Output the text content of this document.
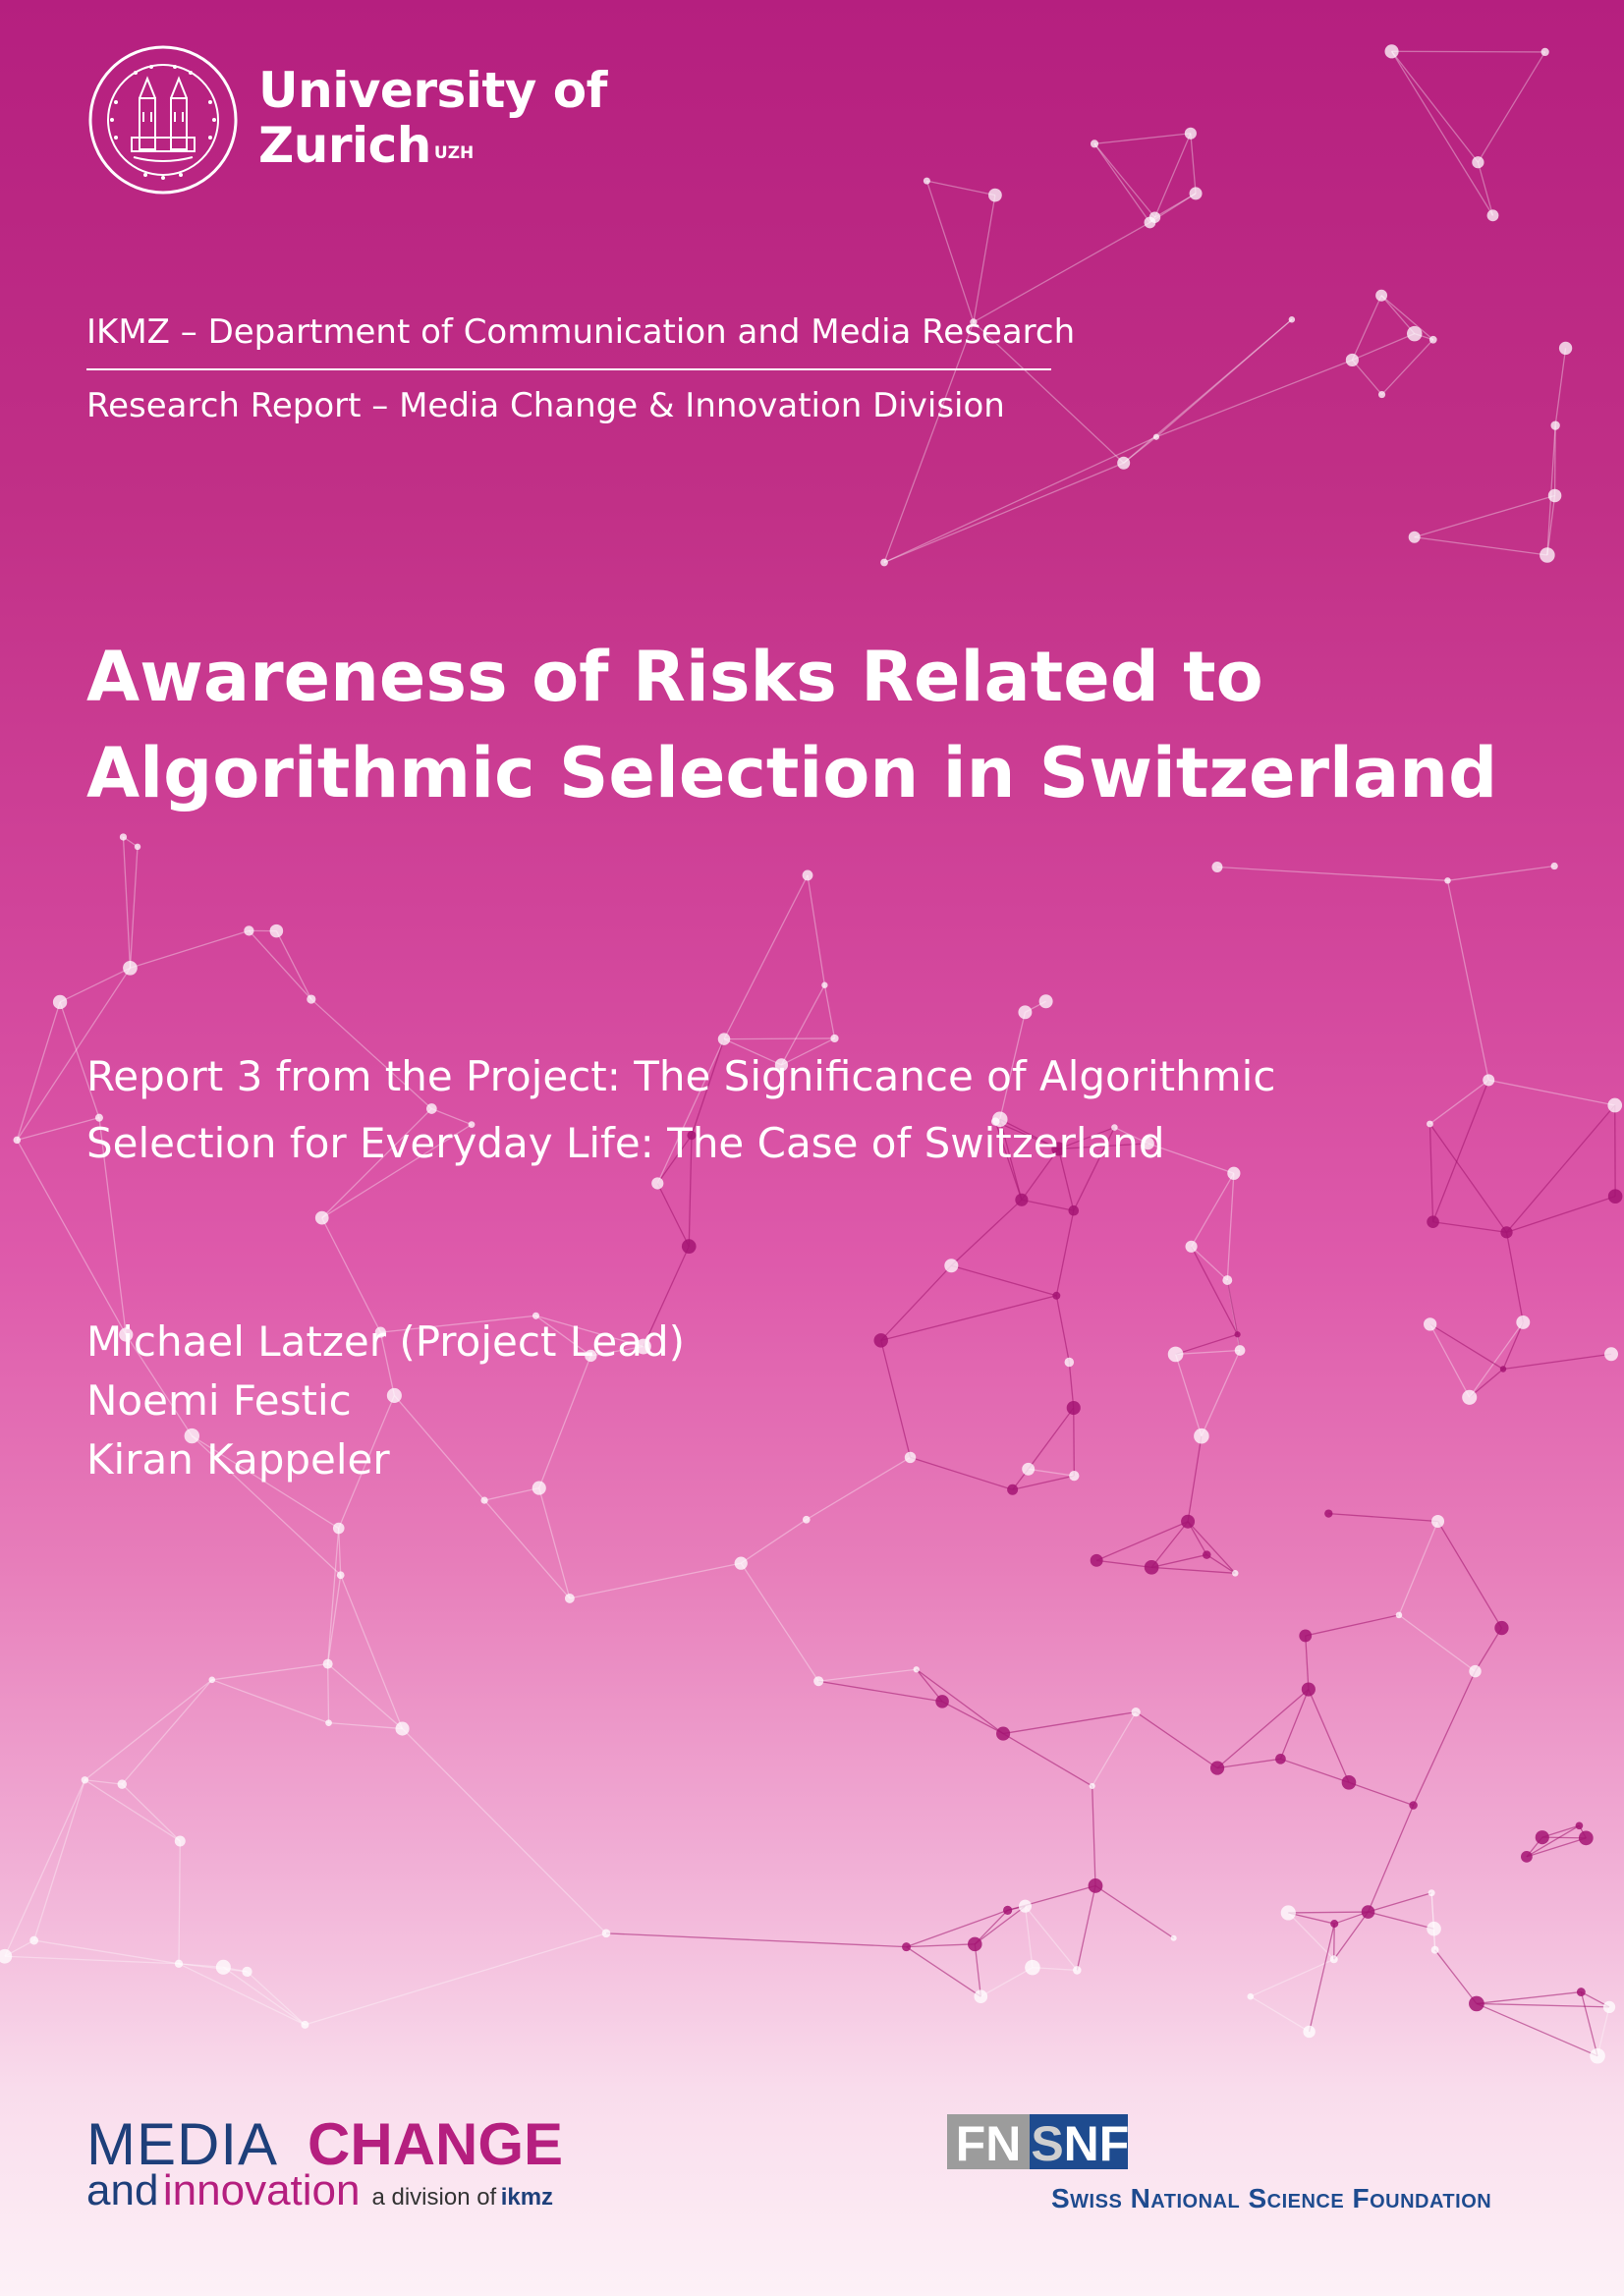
University of
Zurich $^{UZH}$
IKMZ – Department of Communication and Media Research
Research Report – Media Change & Innovation Division
Awareness of Risks Related to
Algorithmic Selection in Switzerland
Report 3 from the Project: The Significance of Algorithmic
Selection for Everyday Life: The Case of Switzerland
Michael Latzer (Project Lead)
Noemi Festic
Kiran Kappeler
MEDIA CHANGE
and innovation a division of ikmz
FN S NF
Swiss National Science Foundation
